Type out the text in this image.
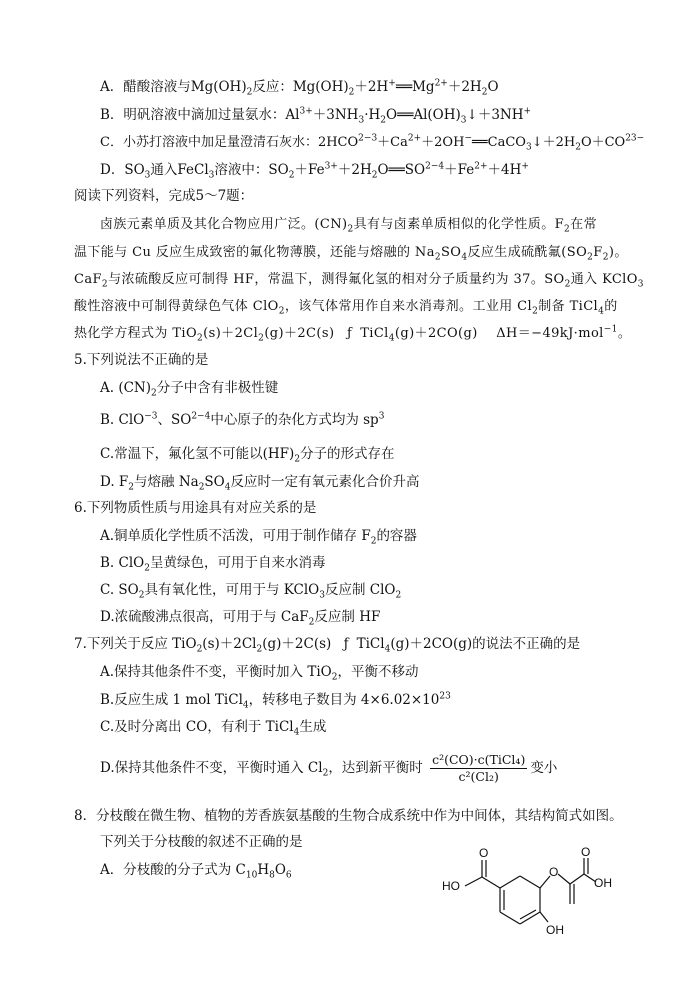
A．醋酸溶液与$Mg(OH)_2$反应：$Mg(OH)_2+2H^+══Mg^{2+}+2H_2O$
B．明矾溶液中滴加过量氨水：$Al^{3+}+3NH_3\cdot H_2O══Al(OH)_3↓+3NH^+$
C．小苏打溶液中加足量澄清石灰水：$2HCO^{2-3}+Ca^{2+}+2OH^-══CaCO_3↓+2H_2O+CO^{23-}$
D．$SO_3$通入FeCl$_3$溶液中：$SO_2+Fe^{3+}+2H_2O══SO^{2-4}+Fe^{2+}+4H^+$
阅读下列资料，完成5～7题：
卤族元素单质及其化合物应用广泛。$(CN)_2$具有与卤素单质相似的化学性质。$F_2$在常
温下能与 Cu 反应生成致密的氟化物薄膜，还能与熔融的 $Na_2SO_4$反应生成硫酰氟$(SO_2F_2)$。
CaF$_2$与浓硫酸反应可制得 HF，常温下，测得氟化氢的相对分子质量约为 37。$SO_2$通入 KClO$_3$
酸性溶液中可制得黄绿色气体 ClO$_2$，该气体常用作自来水消毒剂。工业用 $Cl_2$制备 TiCl$_4$的
热化学方程式为 $TiO_2(s)+2Cl_2(g)+2C(s)$ ƒ TiCl$_4$(g)＋2CO(g) ΔH＝−49kJ·mol$^{-1}$。
5.下列说法不正确的是
A. $(CN)_2$分子中含有非极性键
B. ClO$^{-3}$、$SO^{2-4}$中心原子的杂化方式均为 $sp^3$
C.常温下，氟化氢不可能以$(HF)_2$分子的形式存在
D. $F_2$与熔融 $Na_2SO_4$反应时一定有氧元素化合价升高
6.下列物质性质与用途具有对应关系的是
A.铜单质化学性质不活泼，可用于制作储存 $F_2$的容器
B. ClO$_2$呈黄绿色，可用于自来水消毒
C. $SO_2$具有氧化性，可用于与 KClO$_3$反应制 ClO$_2$
D.浓硫酸沸点很高，可用于与 CaF$_2$反应制 HF
7.下列关于反应 $TiO_2(s)+2Cl_2(g)+2C(s)$ ƒ TiCl$_4$(g)＋2CO(g)的说法不正确的是
A.保持其他条件不变，平衡时加入 TiO$_2$，平衡不移动
B.反应生成 1 mol TiCl$_4$，转移电子数目为 $4\times 6.02\times 10^{23}$
C.及时分离出 CO，有利于 TiCl$_4$生成
D.保持其他条件不变，平衡时通入 $Cl_2$，达到新平衡时 $\frac{\text{c²(CO)·c(TiCl₄)}}{\text{c²(Cl₂)}}$ 变小
8．分枝酸在微生物、植物的芳香族氨基酸的生物合成系统中作为中间体，其结构简式如图。
下列关于分枝酸的叙述不正确的是
A．分枝酸的分子式为 $C_{10}H_8O_6$
HO
O
O
O
OH
OH
